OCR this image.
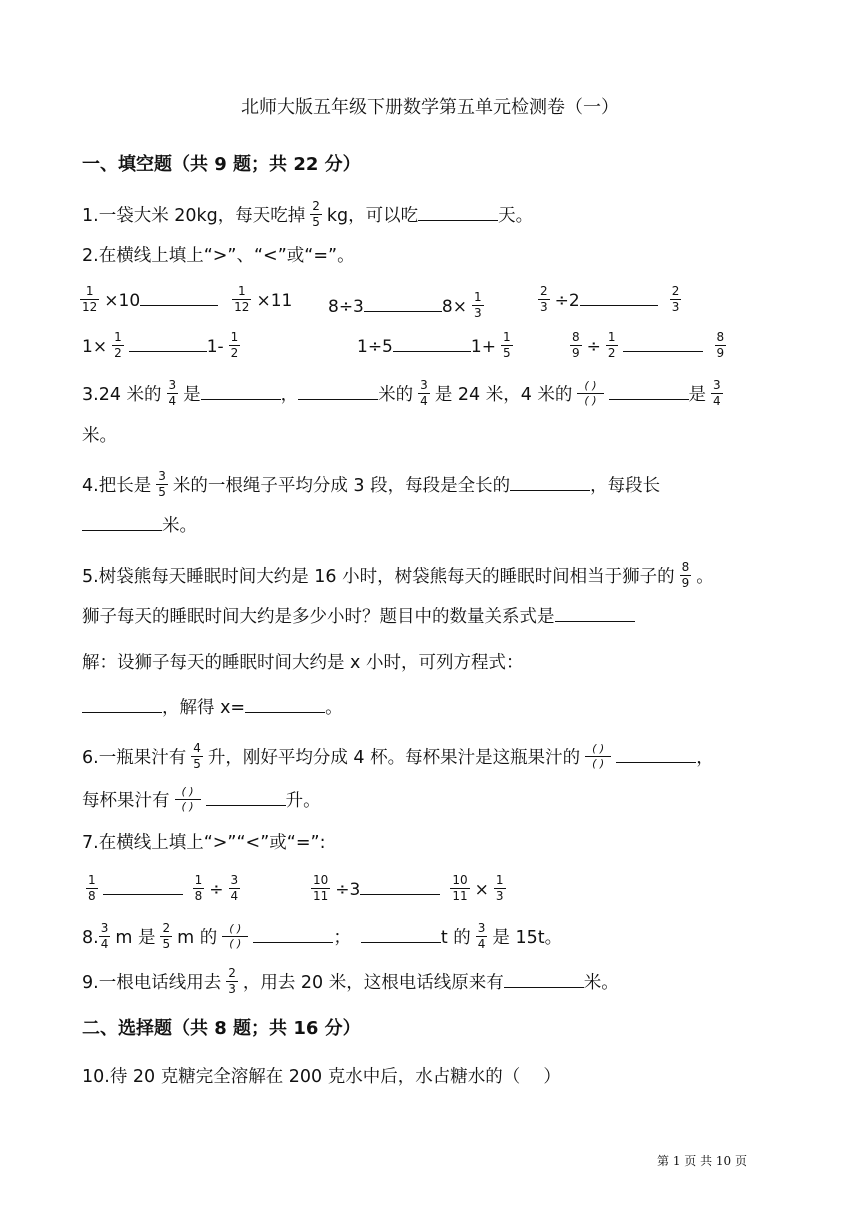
北师大版五年级下册数学第五单元检测卷（一）
一、填空题（共 9 题；共 22 分）
1.一袋大米 20kg，每天吃掉 $\frac{2}{5}$ kg，可以吃	天。
2.在横线上填上“>”、“<”或“=”。
$\frac{1}{12} \times 10$	$\frac{1}{12} \times 11$ 8÷3	$8\times \frac{1}{3}$	$\frac{2}{3} \div 2$	$\frac{2}{3}$
$1\times \frac{1}{2}$	$1- \frac{1}{2}$	1÷5	$1+ \frac{1}{5}$	$\frac{8}{9} \div \frac{1}{2}$	$\frac{8}{9}$
3.24 米的 $\frac{3}{4}$ 是	，	米的 $\frac{3}{4}$ 是 24 米，4 米的 $\frac{( )}{( )}$	是 $\frac{3}{4}$
米。
4.把长是 $\frac{3}{5}$ 米的一根绳子平均分成 3 段，每段是全长的	，每段长
米。
5.树袋熊每天睡眠时间大约是 16 小时，树袋熊每天的睡眠时间相当于狮子的 $\frac{8}{9}$ 。
狮子每天的睡眠时间大约是多少小时？题目中的数量关系式是
解：设狮子每天的睡眠时间大约是 x 小时，可列方程式：
，解得 x=	。
6.一瓶果汁有 $\frac{4}{5}$ 升，刚好平均分成 4 杯。每杯果汁是这瓶果汁的 $\frac{( )}{( )}$	，
每杯果汁有 $\frac{( )}{( )}$	升。
7.在横线上填上“>”“<”或“=”:
$\frac{1}{8}$	$\frac{1}{8} \div \frac{3}{4}$	$\frac{10}{11} \div 3$	$\frac{10}{11} \times \frac{1}{3}$
8. $\frac{3}{4}$ m 是 $\frac{2}{5}$ m 的 $\frac{( )}{( )}$	；	t 的 $\frac{3}{4}$ 是 15t。
9.一根电话线用去 $\frac{2}{3}$ ，用去 20 米，这根电话线原来有	米。
二、选择题（共 8 题；共 16 分）
10.待 20 克糖完全溶解在 200 克水中后，水占糖水的（　 ）
第 1 页 共 10 页
